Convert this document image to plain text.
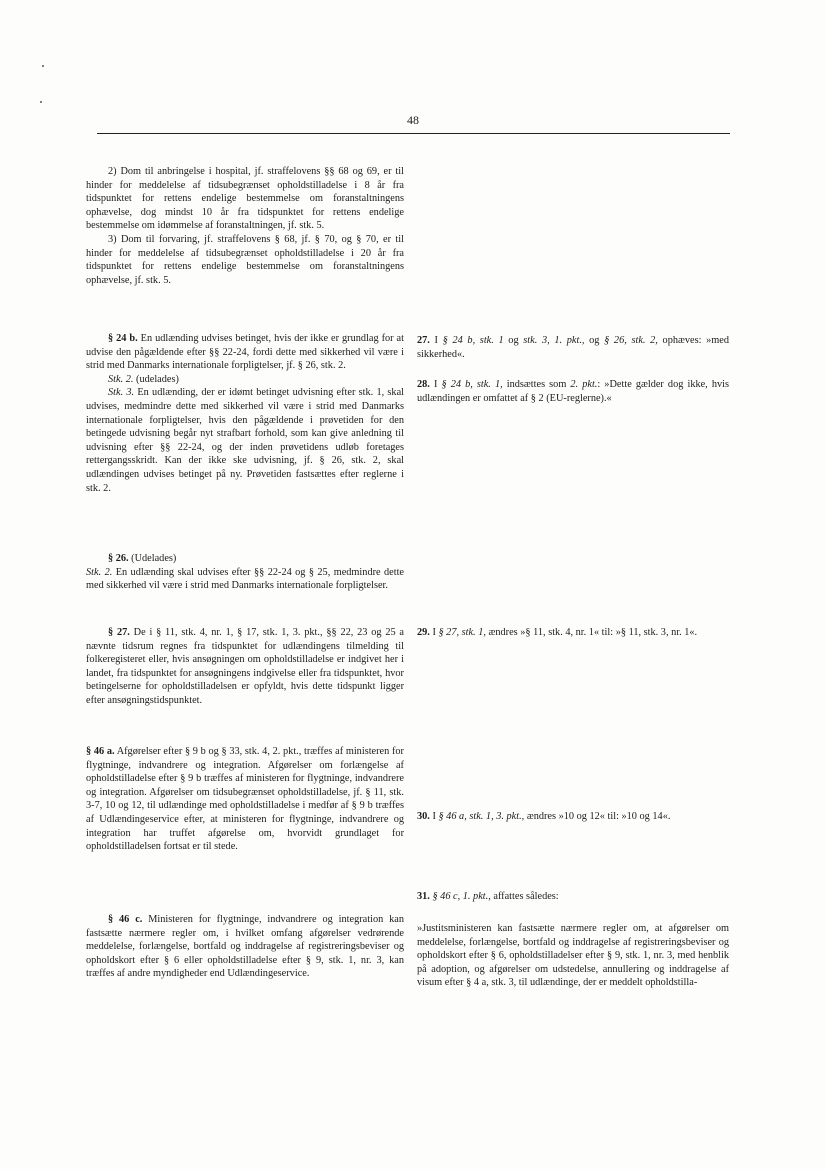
48

2) Dom til anbringelse i hospital, jf. straffelovens §§ 68 og 69, er til hinder for meddelelse af tidsubegrænset opholdstilladelse i 8 år fra tidspunktet for rettens endelige bestemmelse om foranstaltningens ophævelse, dog mindst 10 år fra tidspunktet for rettens endelige bestemmelse om idømmelse af foranstaltningen, jf. stk. 5.

3) Dom til forvaring, jf. straffelovens § 68, jf. § 70, og § 70, er til hinder for meddelelse af tidsubegrænset opholdstilladelse i 20 år fra tidspunktet for rettens endelige bestemmelse om foranstaltningens ophævelse, jf. stk. 5.

§ 24 b. En udlænding udvises betinget, hvis der ikke er grundlag for at udvise den pågældende efter §§ 22-24, fordi dette med sikkerhed vil være i strid med Danmarks internationale forpligtelser, jf. § 26, stk. 2.

Stk. 2. (udelades)

Stk. 3. En udlænding, der er idømt betinget udvisning efter stk. 1, skal udvises, medmindre dette med sikkerhed vil være i strid med Danmarks internationale forpligtelser, hvis den pågældende i prøvetiden for den betingede udvisning begår nyt strafbart forhold, som kan give anledning til udvisning efter §§ 22-24, og der inden prøvetidens udløb foretages rettergangsskridt. Kan der ikke ske udvisning, jf. § 26, stk. 2, skal udlændingen udvises betinget på ny. Prøvetiden fastsættes efter reglerne i stk. 2.

§ 26. (Udelades)

Stk. 2. En udlænding skal udvises efter §§ 22-24 og § 25, medmindre dette med sikkerhed vil være i strid med Danmarks internationale forpligtelser.

§ 27. De i § 11, stk. 4, nr. 1, § 17, stk. 1, 3. pkt., §§ 22, 23 og 25 a nævnte tidsrum regnes fra tidspunktet for udlændingens tilmelding til folkeregisteret eller, hvis ansøgningen om opholdstilladelse er indgivet her i landet, fra tidspunktet for ansøgningens indgivelse eller fra tidspunktet, hvor betingelserne for opholdstilladelsen er opfyldt, hvis dette tidspunkt ligger efter ansøgningstidspunktet.

§ 46 a. Afgørelser efter § 9 b og § 33, stk. 4, 2. pkt., træffes af ministeren for flygtninge, indvandrere og integration. Afgørelser om forlængelse af opholdstilladelse efter § 9 b træffes af ministeren for flygtninge, indvandrere og integration. Afgørelser om tidsubegrænset opholdstilladelse, jf. § 11, stk. 3-7, 10 og 12, til udlændinge med opholdstilladelse i medfør af § 9 b træffes af Udlændingeservice efter, at ministeren for flygtninge, indvandrere og integration har truffet afgørelse om, hvorvidt grundlaget for opholdstilladelsen fortsat er til stede.

§ 46 c. Ministeren for flygtninge, indvandrere og integration kan fastsætte nærmere regler om, i hvilket omfang afgørelser vedrørende meddelelse, forlængelse, bortfald og inddragelse af registreringsbeviser og opholdskort efter § 6 eller opholdstilladelse efter § 9, stk. 1, nr. 3, kan træffes af andre myndigheder end Udlændingeservice.

27. I § 24 b, stk. 1 og stk. 3, 1. pkt., og § 26, stk. 2, ophæves: »med sikkerhed«.

28. I § 24 b, stk. 1, indsættes som 2. pkt.: »Dette gælder dog ikke, hvis udlændingen er omfattet af § 2 (EU-reglerne).«

29. I § 27, stk. 1, ændres »§ 11, stk. 4, nr. 1« til: »§ 11, stk. 3, nr. 1«.

30. I § 46 a, stk. 1, 3. pkt., ændres »10 og 12« til: »10 og 14«.

31. § 46 c, 1. pkt., affattes således:

»Justitsministeren kan fastsætte nærmere regler om, at afgørelser om meddelelse, forlængelse, bortfald og inddragelse af registreringsbeviser og opholdskort efter § 6, opholdstilladelser efter § 9, stk. 1, nr. 3, med henblik på adoption, og afgørelser om udstedelse, annullering og inddragelse af visum efter § 4 a, stk. 3, til udlændinge, der er meddelt opholdstilla-
